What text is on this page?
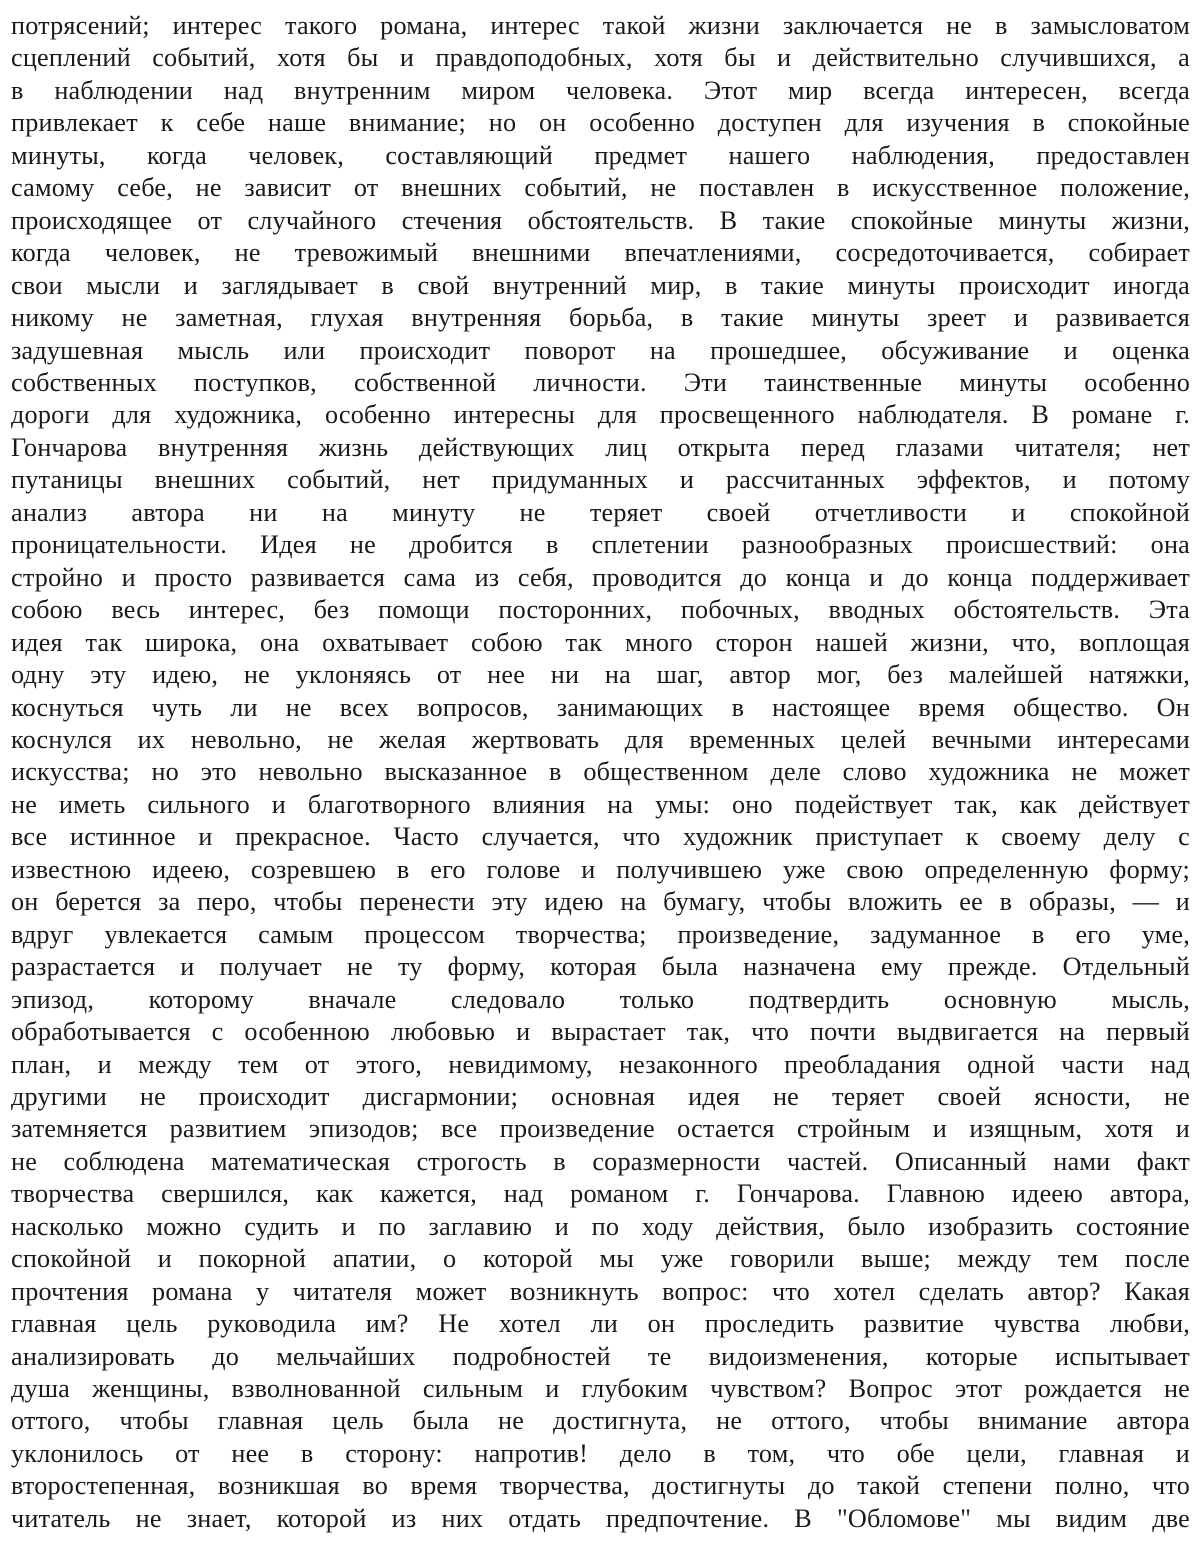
потрясений; интерес такого романа, интерес такой жизни заключается не в замысловатом
сцеплений событий, хотя бы и правдоподобных, хотя бы и действительно случившихся, а
в наблюдении над внутренним миром человека. Этот мир всегда интересен, всегда
привлекает к себе наше внимание; но он особенно доступен для изучения в спокойные
минуты, когда человек, составляющий предмет нашего наблюдения, предоставлен
самому себе, не зависит от внешних событий, не поставлен в искусственное положение,
происходящее от случайного стечения обстоятельств. В такие спокойные минуты жизни,
когда человек, не тревожимый внешними впечатлениями, сосредоточивается, собирает
свои мысли и заглядывает в свой внутренний мир, в такие минуты происходит иногда
никому не заметная, глухая внутренняя борьба, в такие минуты зреет и развивается
задушевная мысль или происходит поворот на прошедшее, обсуживание и оценка
собственных поступков, собственной личности. Эти таинственные минуты особенно
дороги для художника, особенно интересны для просвещенного наблюдателя. В романе г.
Гончарова внутренняя жизнь действующих лиц открыта перед глазами читателя; нет
путаницы внешних событий, нет придуманных и рассчитанных эффектов, и потому
анализ автора ни на минуту не теряет своей отчетливости и спокойной
проницательности. Идея не дробится в сплетении разнообразных происшествий: она
стройно и просто развивается сама из себя, проводится до конца и до конца поддерживает
собою весь интерес, без помощи посторонних, побочных, вводных обстоятельств. Эта
идея так широка, она охватывает собою так много сторон нашей жизни, что, воплощая
одну эту идею, не уклоняясь от нее ни на шаг, автор мог, без малейшей натяжки,
коснуться чуть ли не всех вопросов, занимающих в настоящее время общество. Он
коснулся их невольно, не желая жертвовать для временных целей вечными интересами
искусства; но это невольно высказанное в общественном деле слово художника не может
не иметь сильного и благотворного влияния на умы: оно подействует так, как действует
все истинное и прекрасное. Часто случается, что художник приступает к своему делу с
известною идеею, созревшею в его голове и получившею уже свою определенную форму;
он берется за перо, чтобы перенести эту идею на бумагу, чтобы вложить ее в образы, — и
вдруг увлекается самым процессом творчества; произведение, задуманное в его уме,
разрастается и получает не ту форму, которая была назначена ему прежде. Отдельный
эпизод, которому вначале следовало только подтвердить основную мысль,
обработывается с особенною любовью и вырастает так, что почти выдвигается на первый
план, и между тем от этого, невидимому, незаконного преобладания одной части над
другими не происходит дисгармонии; основная идея не теряет своей ясности, не
затемняется развитием эпизодов; все произведение остается стройным и изящным, хотя и
не соблюдена математическая строгость в соразмерности частей. Описанный нами факт
творчества свершился, как кажется, над романом г. Гончарова. Главною идеею автора,
насколько можно судить и по заглавию и по ходу действия, было изобразить состояние
спокойной и покорной апатии, о которой мы уже говорили выше; между тем после
прочтения романа у читателя может возникнуть вопрос: что хотел сделать автор? Какая
главная цель руководила им? Не хотел ли он проследить развитие чувства любви,
анализировать до мельчайших подробностей те видоизменения, которые испытывает
душа женщины, взволнованной сильным и глубоким чувством? Вопрос этот рождается не
оттого, чтобы главная цель была не достигнута, не оттого, чтобы внимание автора
уклонилось от нее в сторону: напротив! дело в том, что обе цели, главная и
второстепенная, возникшая во время творчества, достигнуты до такой степени полно, что
читатель не знает, которой из них отдать предпочтение. В "Обломове" мы видим две
